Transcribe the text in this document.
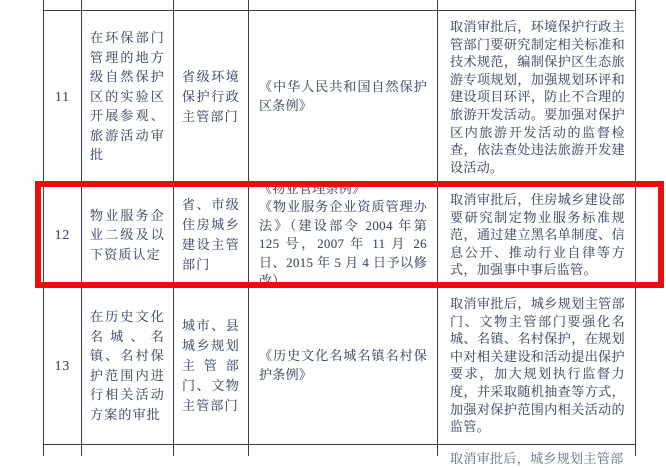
11
在环保部门管理的地方级自然保护区的实验区开展参观、旅游活动审批
省级环境保护行政主管部门
《中华人民共和国自然保护区条例》
取消审批后，环境保护行政主管部门要研究制定相关标准和技术规范，编制保护区生态旅游专项规划，加强规划环评和建设项目环评，防止不合理的旅游开发活动。要加强对保护区内旅游开发活动的监督检查，依法查处违法旅游开发建设活动。
12
物业服务企业二级及以下资质认定
省、市级住房城乡建设主管部门
《物业管理条例》
《物业服务企业资质管理办法》（建设部令 2004 年第 125 号，2007 年 11 月 26 日、2015 年 5 月 4 日予以修改）
取消审批后，住房城乡建设部要研究制定物业服务标准规范，通过建立黑名单制度、信息公开、推动行业自律等方式，加强事中事后监管。
13
在历史文化名城、名镇、名村保护范围内进行相关活动方案的审批
城市、县城乡规划主管部门、文物主管部门
《历史文化名城名镇名村保护条例》
取消审批后，城乡规划主管部门、文物主管部门要强化名城、名镇、名村保护，在规划中对相关建设和活动提出保护要求，加大规划执行监督力度，并采取随机抽查等方式，加强对保护范围内相关活动的监管。
取消审批后，城乡规划主管部
